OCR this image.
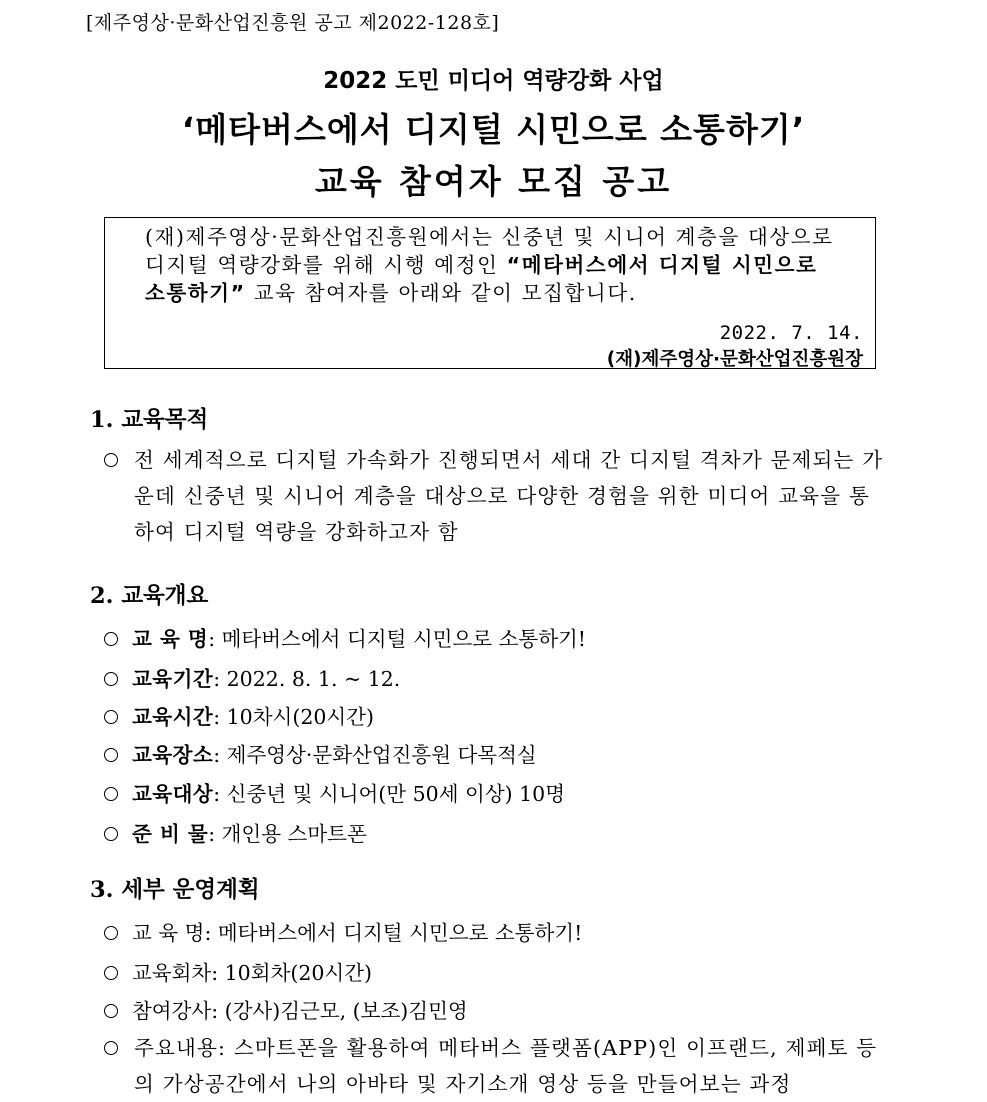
[제주영상·문화산업진흥원 공고 제2022-128호]
2022 도민 미디어 역량강화 사업
‘메타버스에서 디지털 시민으로 소통하기’
교육 참여자 모집 공고
(재)제주영상·문화산업진흥원에서는 신중년 및 시니어 계층을 대상으로
디지털 역량강화를 위해 시행 예정인 “메타버스에서 디지털 시민으로
소통하기” 교육 참여자를 아래와 같이 모집합니다.
2022. 7. 14.
(재)제주영상·문화산업진흥원장
1. 교육목적
전 세계적으로 디지털 가속화가 진행되면서 세대 간 디지털 격차가 문제되는 가운데 신중년 및 시니어 계층을 대상으로 다양한 경험을 위한 미디어 교육을 통하여 디지털 역량을 강화하고자 함
2. 교육개요
교 육 명: 메타버스에서 디지털 시민으로 소통하기!
교육기간: 2022. 8. 1. ~ 12.
교육시간: 10차시(20시간)
교육장소: 제주영상·문화산업진흥원 다목적실
교육대상: 신중년 및 시니어(만 50세 이상) 10명
준 비 물: 개인용 스마트폰
3. 세부 운영계획
교 육 명: 메타버스에서 디지털 시민으로 소통하기!
교육회차: 10회차(20시간)
참여강사: (강사)김근모, (보조)김민영
주요내용: 스마트폰을 활용하여 메타버스 플랫폼(APP)인 이프랜드, 제페토 등의 가상공간에서 나의 아바타 및 자기소개 영상 등을 만들어보는 과정
